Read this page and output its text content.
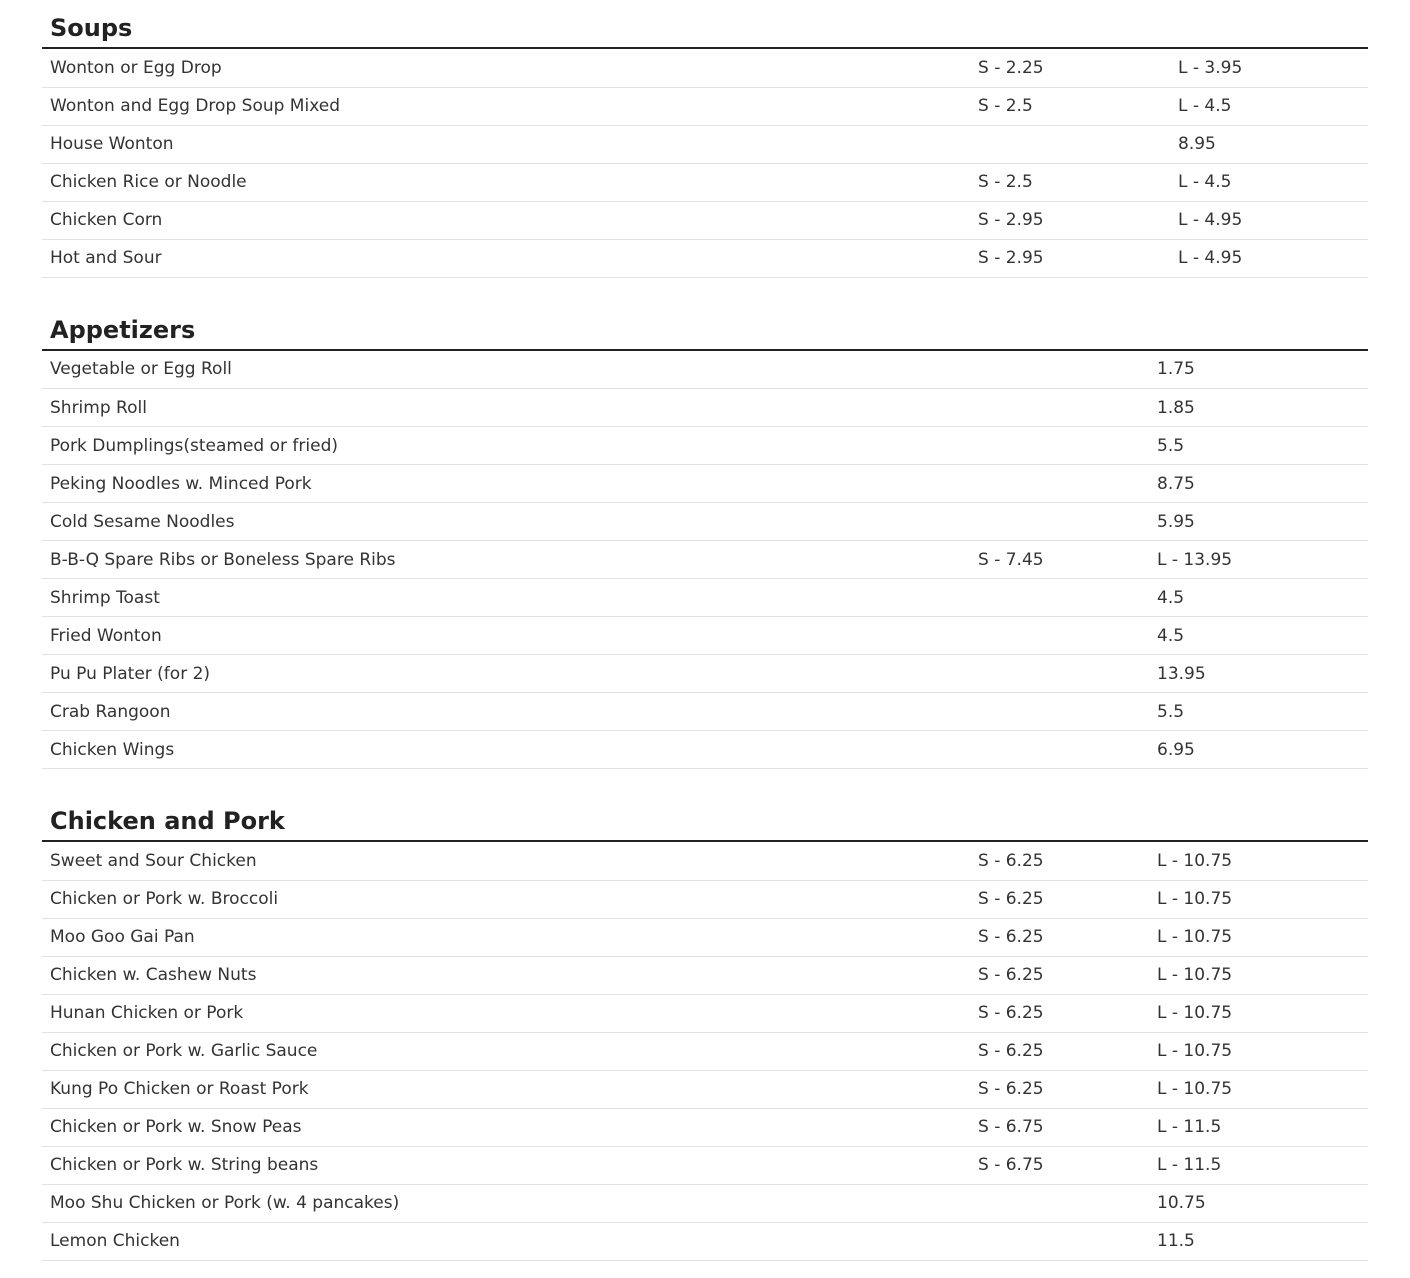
Soups
Wonton or Egg Drop	S - 2.25	L - 3.95
Wonton and Egg Drop Soup Mixed	S - 2.5	L - 4.5
House Wonton		8.95
Chicken Rice or Noodle	S - 2.5	L - 4.5
Chicken Corn	S - 2.95	L - 4.95
Hot and Sour	S - 2.95	L - 4.95
Appetizers
Vegetable or Egg Roll		1.75
Shrimp Roll		1.85
Pork Dumplings(steamed or fried)		5.5
Peking Noodles w. Minced Pork		8.75
Cold Sesame Noodles		5.95
B-B-Q Spare Ribs or Boneless Spare Ribs	S - 7.45	L - 13.95
Shrimp Toast		4.5
Fried Wonton		4.5
Pu Pu Plater (for 2)		13.95
Crab Rangoon		5.5
Chicken Wings		6.95
Chicken and Pork
Sweet and Sour Chicken	S - 6.25	L - 10.75
Chicken or Pork w. Broccoli	S - 6.25	L - 10.75
Moo Goo Gai Pan	S - 6.25	L - 10.75
Chicken w. Cashew Nuts	S - 6.25	L - 10.75
Hunan Chicken or Pork	S - 6.25	L - 10.75
Chicken or Pork w. Garlic Sauce	S - 6.25	L - 10.75
Kung Po Chicken or Roast Pork	S - 6.25	L - 10.75
Chicken or Pork w. Snow Peas	S - 6.75	L - 11.5
Chicken or Pork w. String beans	S - 6.75	L - 11.5
Moo Shu Chicken or Pork (w. 4 pancakes)		10.75
Lemon Chicken		11.5
